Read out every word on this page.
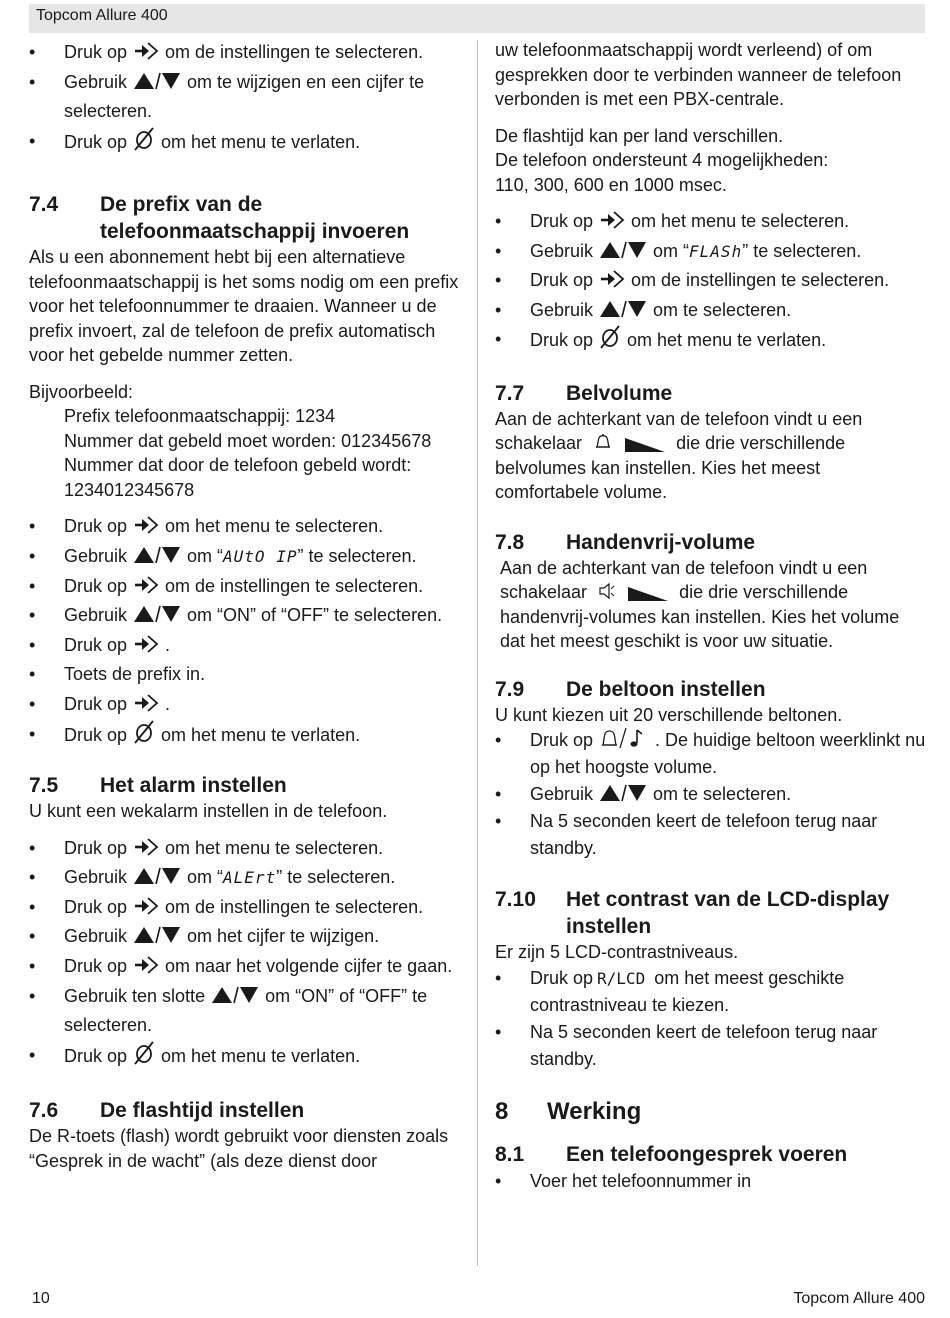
Topcom Allure 400
• Druk op om de instellingen te selecteren.
• Gebruik	om te wijzigen en een cijfer te selecteren.
• Druk op om het menu te verlaten.
7.4	De prefix van de telefoonmaatschappij invoeren

Als u een abonnement hebt bij een alternatieve telefoonmaatschappij is het soms nodig om een prefix voor het telefoonnummer te draaien. Wanneer u de prefix invoert, zal de telefoon de prefix automatisch voor het gebelde nummer zetten.

Bijvoorbeeld:

Prefix telefoonmaatschappij: 1234

Nummer dat gebeld moet worden: 012345678

Nummer dat door de telefoon gebeld wordt:

1234012345678

• Druk op om het menu te selecteren.
• Gebruik	om “AUtO IP” te selecteren.
• Druk op om de instellingen te selecteren.
• Gebruik	om “ON” of “OFF” te selecteren.
• Druk op .
• Toets de prefix in.
• Druk op .
• Druk op om het menu te verlaten.
7.5	Het alarm instellen

U kunt een wekalarm instellen in de telefoon.

• Druk op om het menu te selecteren.
• Gebruik	om “ALErt” te selecteren.
• Druk op om de instellingen te selecteren.
• Gebruik	om het cijfer te wijzigen.
• Druk op om naar het volgende cijfer te gaan.
• Gebruik ten slotte	om “ON” of “OFF” te selecteren.
• Druk op om het menu te verlaten.
7.6	De flashtijd instellen

De R-toets (flash) wordt gebruikt voor diensten zoals “Gesprek in de wacht” (als deze dienst door

uw telefoonmaatschappij wordt verleend) of om gesprekken door te verbinden wanneer de telefoon verbonden is met een PBX-centrale.

De flashtijd kan per land verschillen.

De telefoon ondersteunt 4 mogelijkheden:

110, 300, 600 en 1000 msec.

• Druk op om het menu te selecteren.
• Gebruik	om “FLASh” te selecteren.
• Druk op om de instellingen te selecteren.
• Gebruik	om te selecteren.
• Druk op om het menu te verlaten.
7.7	Belvolume

Aan de achterkant van de telefoon vindt u een schakelaar	die drie verschillende belvolumes kan instellen. Kies het meest comfortabele volume.

7.8	Handenvrij-volume

Aan de achterkant van de telefoon vindt u een schakelaar	die drie verschillende handenvrij-volumes kan instellen. Kies het volume dat het meest geschikt is voor uw situatie.

7.9	De beltoon instellen

U kunt kiezen uit 20 verschillende beltonen.

• Druk op	. De huidige beltoon weerklinkt nu op het hoogste volume.
• Gebruik	om te selecteren.
• Na 5 seconden keert de telefoon terug naar standby.
7.10	Het contrast van de LCD-display instellen

Er zijn 5 LCD-contrastniveaus.

• Druk op R/LCD om het meest geschikte contrastniveau te kiezen.
• Na 5 seconden keert de telefoon terug naar standby.
8	Werking
8.1	Een telefoongesprek voeren
• Voer het telefoonnummer in
10	Topcom Allure 400
